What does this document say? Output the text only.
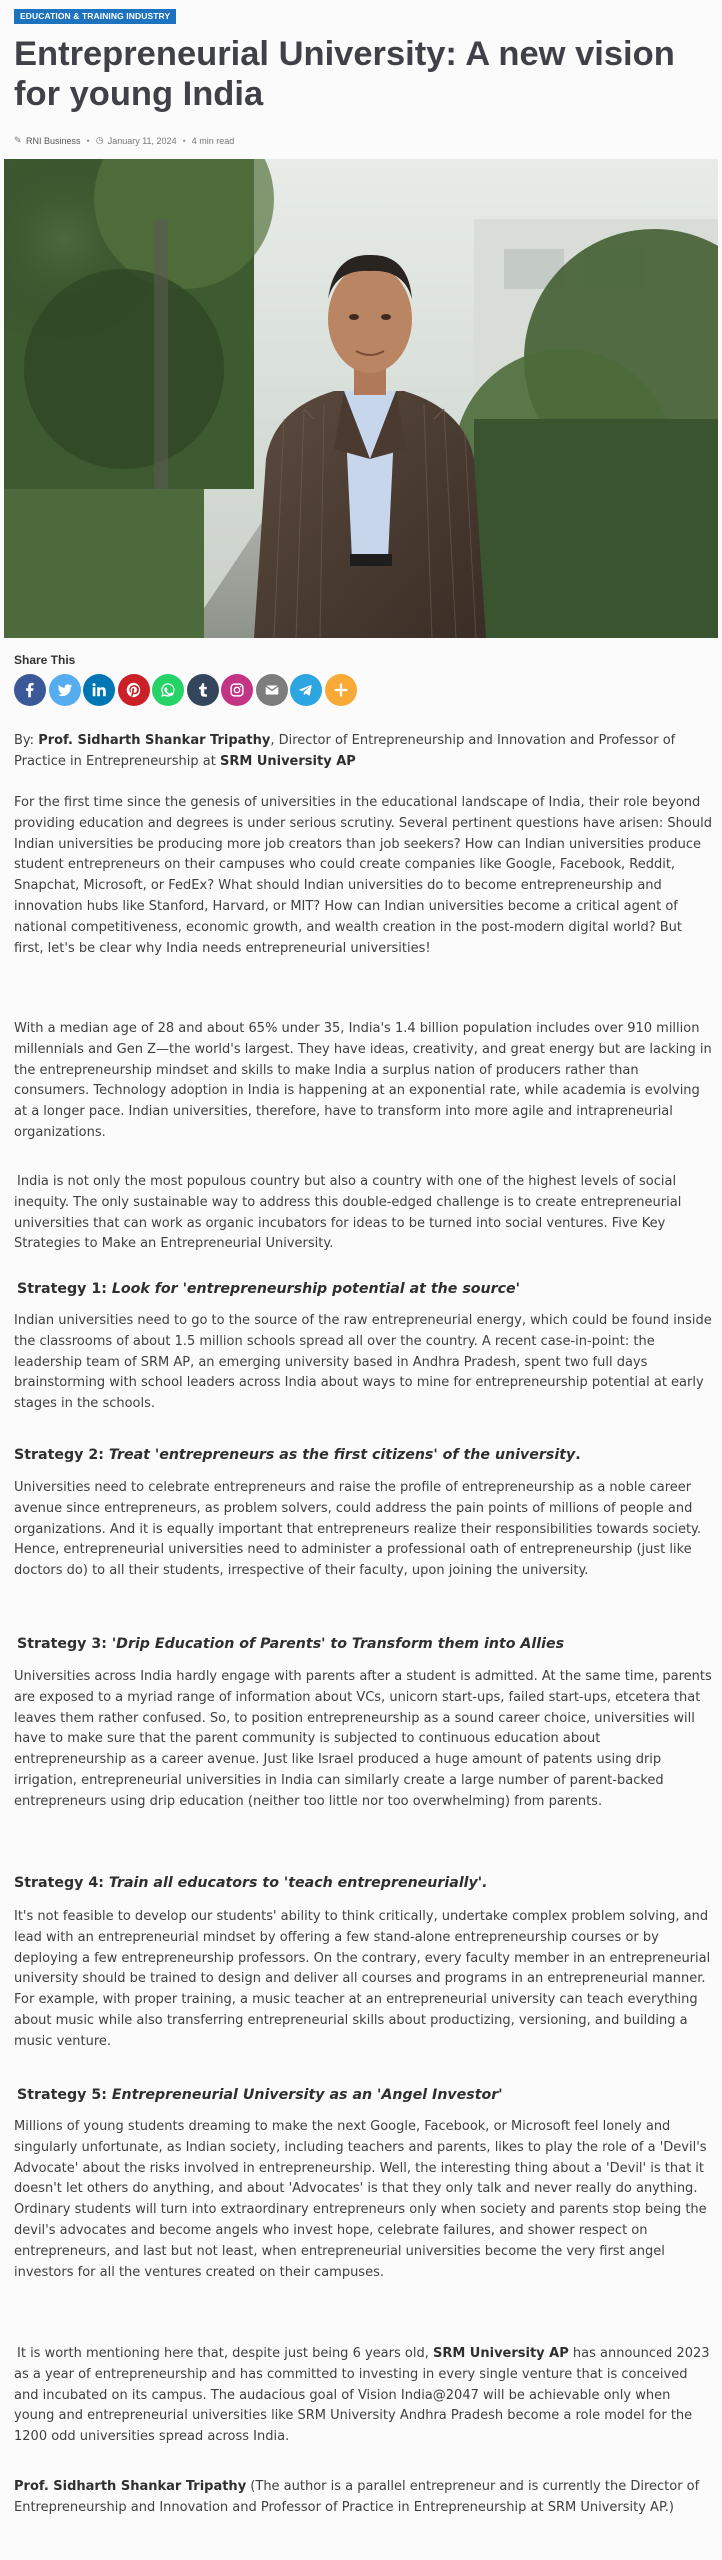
EDUCATION & TRAINING INDUSTRY
Entrepreneurial University: A new vision for young India
✎ RNI Business • ◷ January 11, 2024 • 4 min read
Share This

By: Prof. Sidharth Shankar Tripathy, Director of Entrepreneurship and Innovation and Professor of Practice in Entrepreneurship at SRM University AP

For the first time since the genesis of universities in the educational landscape of India, their role beyond providing education and degrees is under serious scrutiny. Several pertinent questions have arisen: Should Indian universities be producing more job creators than job seekers? How can Indian universities produce student entrepreneurs on their campuses who could create companies like Google, Facebook, Reddit, Snapchat, Microsoft, or FedEx? What should Indian universities do to become entrepreneurship and innovation hubs like Stanford, Harvard, or MIT? How can Indian universities become a critical agent of national competitiveness, economic growth, and wealth creation in the post-modern digital world? But first, let's be clear why India needs entrepreneurial universities!

With a median age of 28 and about 65% under 35, India's 1.4 billion population includes over 910 million millennials and Gen Z—the world's largest. They have ideas, creativity, and great energy but are lacking in the entrepreneurship mindset and skills to make India a surplus nation of producers rather than consumers. Technology adoption in India is happening at an exponential rate, while academia is evolving at a longer pace. Indian universities, therefore, have to transform into more agile and intrapreneurial organizations.

India is not only the most populous country but also a country with one of the highest levels of social inequity. The only sustainable way to address this double-edged challenge is to create entrepreneurial universities that can work as organic incubators for ideas to be turned into social ventures. Five Key Strategies to Make an Entrepreneurial University.

Strategy 1: Look for 'entrepreneurship potential at the source'

Indian universities need to go to the source of the raw entrepreneurial energy, which could be found inside the classrooms of about 1.5 million schools spread all over the country. A recent case-in-point: the leadership team of SRM AP, an emerging university based in Andhra Pradesh, spent two full days brainstorming with school leaders across India about ways to mine for entrepreneurship potential at early stages in the schools.

Strategy 2: Treat 'entrepreneurs as the first citizens' of the university.

Universities need to celebrate entrepreneurs and raise the profile of entrepreneurship as a noble career avenue since entrepreneurs, as problem solvers, could address the pain points of millions of people and organizations. And it is equally important that entrepreneurs realize their responsibilities towards society. Hence, entrepreneurial universities need to administer a professional oath of entrepreneurship (just like doctors do) to all their students, irrespective of their faculty, upon joining the university.

Strategy 3: 'Drip Education of Parents' to Transform them into Allies

Universities across India hardly engage with parents after a student is admitted. At the same time, parents are exposed to a myriad range of information about VCs, unicorn start-ups, failed start-ups, etcetera that leaves them rather confused. So, to position entrepreneurship as a sound career choice, universities will have to make sure that the parent community is subjected to continuous education about entrepreneurship as a career avenue. Just like Israel produced a huge amount of patents using drip irrigation, entrepreneurial universities in India can similarly create a large number of parent-backed entrepreneurs using drip education (neither too little nor too overwhelming) from parents.

Strategy 4: Train all educators to 'teach entrepreneurially'.

It's not feasible to develop our students' ability to think critically, undertake complex problem solving, and lead with an entrepreneurial mindset by offering a few stand-alone entrepreneurship courses or by deploying a few entrepreneurship professors. On the contrary, every faculty member in an entrepreneurial university should be trained to design and deliver all courses and programs in an entrepreneurial manner. For example, with proper training, a music teacher at an entrepreneurial university can teach everything about music while also transferring entrepreneurial skills about productizing, versioning, and building a music venture.

Strategy 5: Entrepreneurial University as an 'Angel Investor'

Millions of young students dreaming to make the next Google, Facebook, or Microsoft feel lonely and singularly unfortunate, as Indian society, including teachers and parents, likes to play the role of a 'Devil's Advocate' about the risks involved in entrepreneurship. Well, the interesting thing about a 'Devil' is that it doesn't let others do anything, and about 'Advocates' is that they only talk and never really do anything. Ordinary students will turn into extraordinary entrepreneurs only when society and parents stop being the devil's advocates and become angels who invest hope, celebrate failures, and shower respect on entrepreneurs, and last but not least, when entrepreneurial universities become the very first angel investors for all the ventures created on their campuses.

It is worth mentioning here that, despite just being 6 years old, SRM University AP has announced 2023 as a year of entrepreneurship and has committed to investing in every single venture that is conceived and incubated on its campus. The audacious goal of Vision India@2047 will be achievable only when young and entrepreneurial universities like SRM University Andhra Pradesh become a role model for the 1200 odd universities spread across India.

Prof. Sidharth Shankar Tripathy (The author is a parallel entrepreneur and is currently the Director of Entrepreneurship and Innovation and Professor of Practice in Entrepreneurship at SRM University AP.)
